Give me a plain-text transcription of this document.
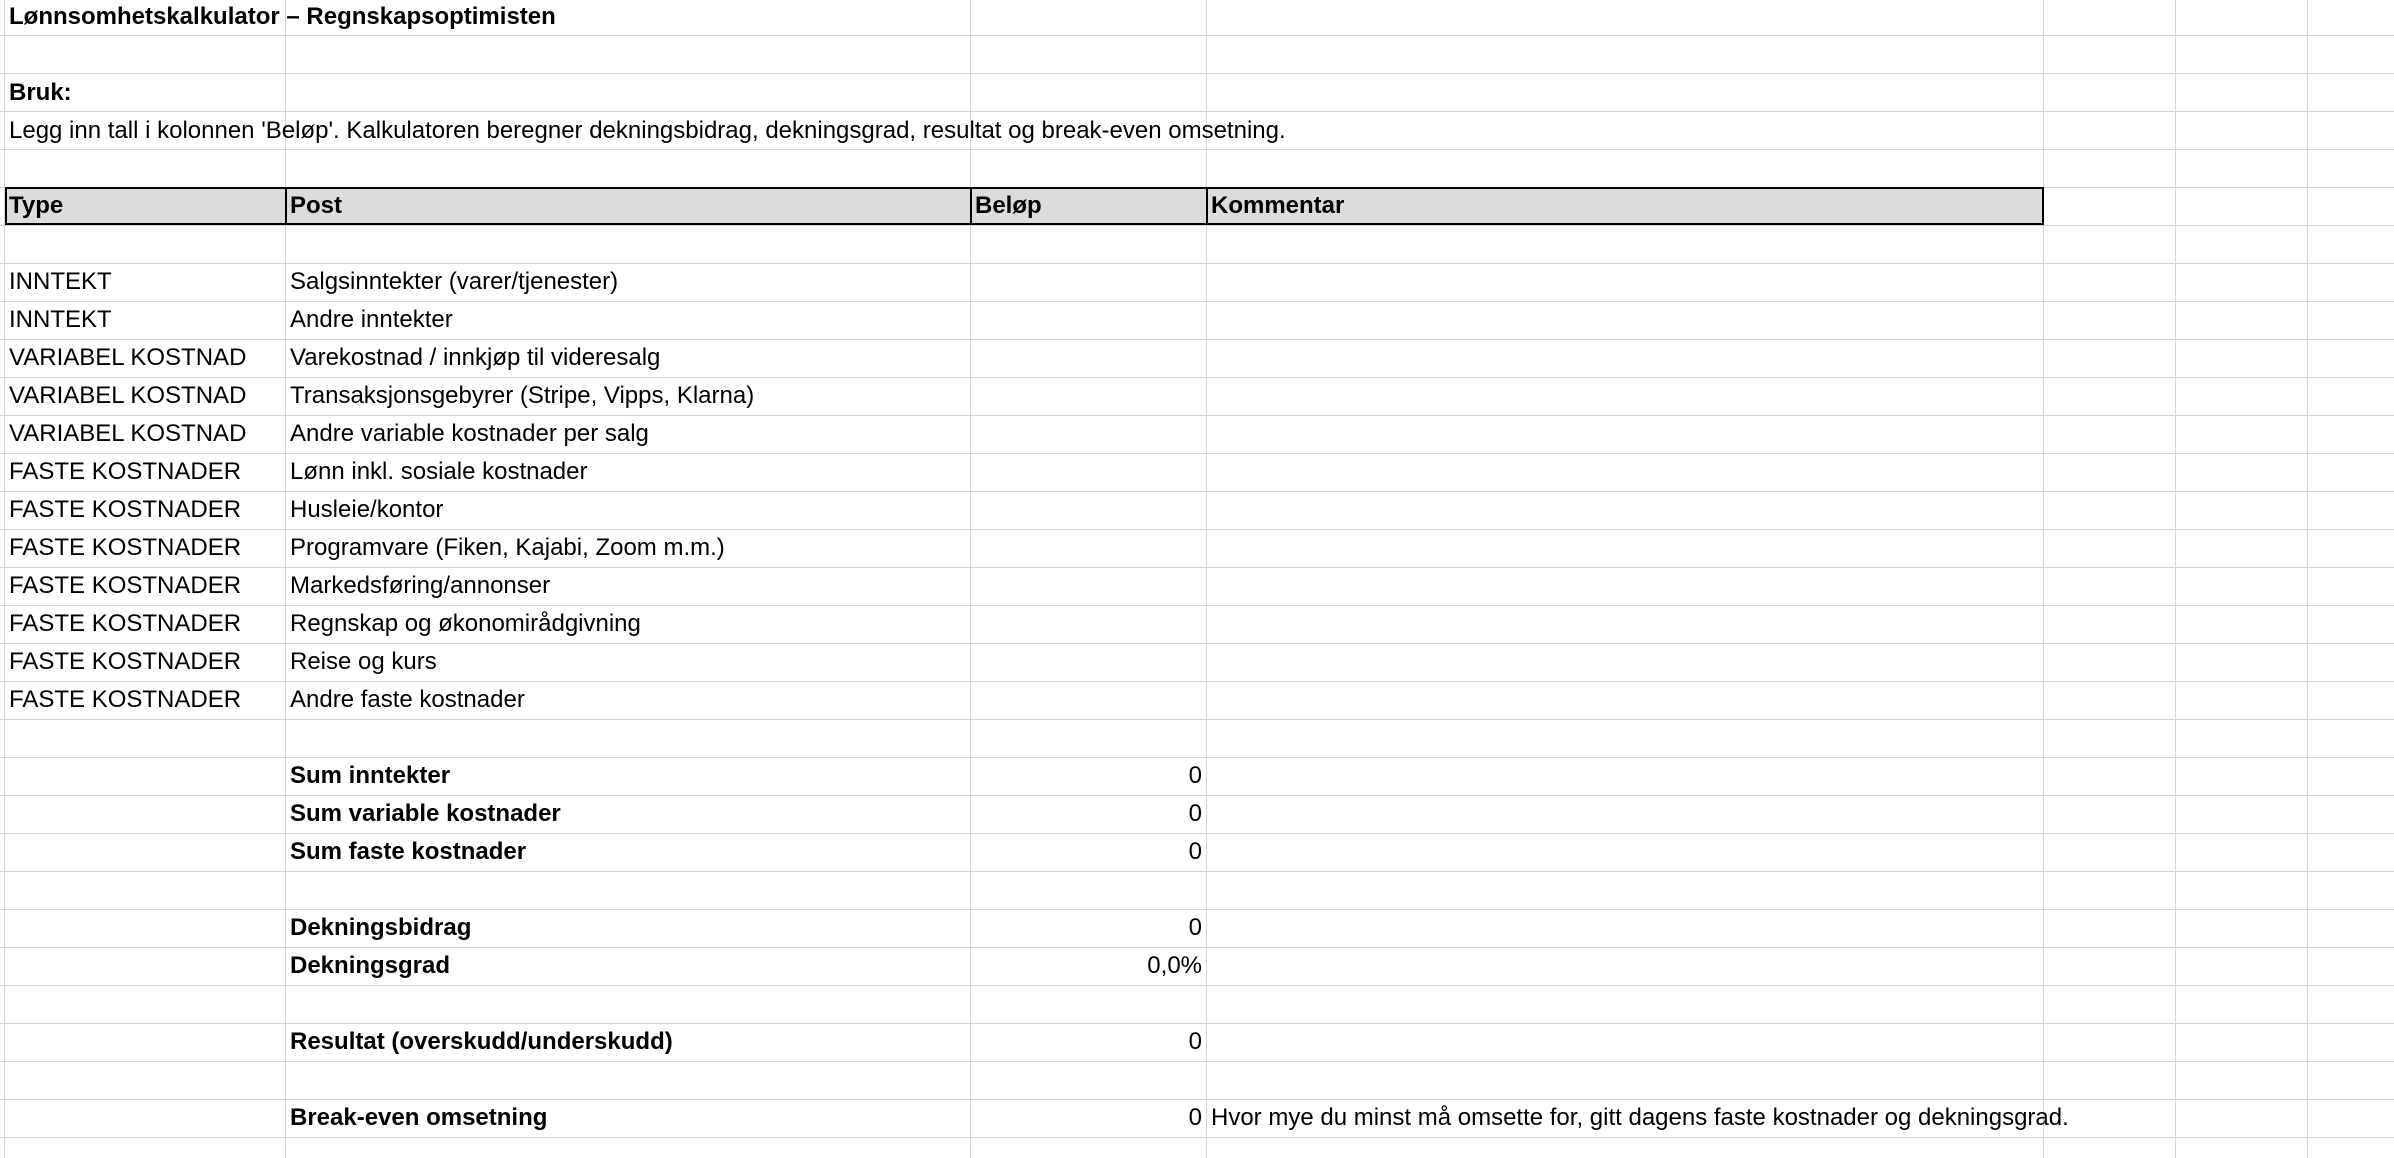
Lønnsomhetskalkulator – Regnskapsoptimisten
Bruk:
Legg inn tall i kolonnen 'Beløp'. Kalkulatoren beregner dekningsbidrag, dekningsgrad, resultat og break-even omsetning.
Type	Post	Beløp	Kommentar
INNTEKT	Salgsinntekter (varer/tjenester)
INNTEKT	Andre inntekter
VARIABEL KOSTNAD Varekostnad / innkjøp til videresalg
VARIABEL KOSTNAD Transaksjonsgebyrer (Stripe, Vipps, Klarna)
VARIABEL KOSTNAD Andre variable kostnader per salg
FASTE KOSTNADER Lønn inkl. sosiale kostnader
FASTE KOSTNADER Husleie/kontor
FASTE KOSTNADER Programvare (Fiken, Kajabi, Zoom m.m.)
FASTE KOSTNADER Markedsføring/annonser
FASTE KOSTNADER Regnskap og økonomirådgivning
FASTE KOSTNADER Reise og kurs
FASTE KOSTNADER Andre faste kostnader
Sum inntekter	0
Sum variable kostnader	0
Sum faste kostnader	0
Dekningsbidrag	0
Dekningsgrad	0,0%
Resultat (overskudd/underskudd)	0
Break-even omsetning	0 Hvor mye du minst må omsette for, gitt dagens faste kostnader og dekningsgrad.
